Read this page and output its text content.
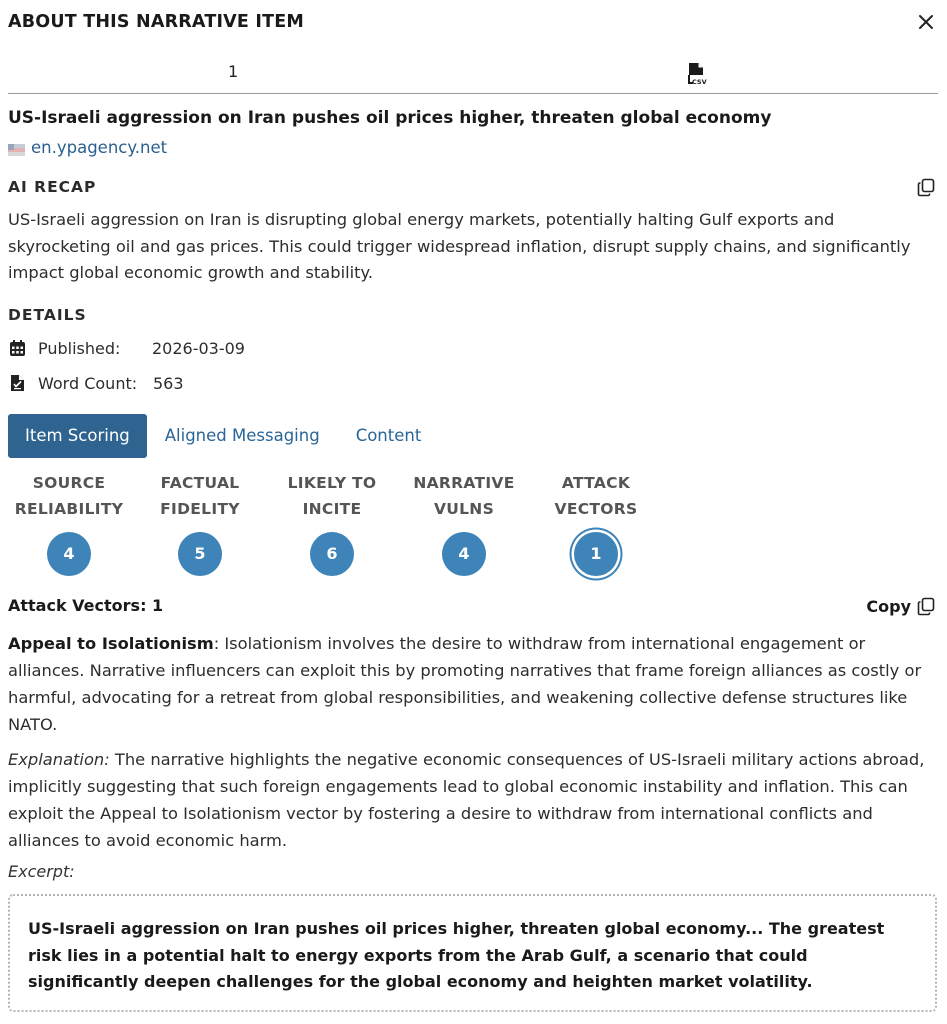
ABOUT THIS NARRATIVE ITEM
1
CSV
US-Israeli aggression on Iran pushes oil prices higher, threaten global economy
en.ypagency.net
AI RECAP
US-Israeli aggression on Iran is disrupting global energy markets, potentially halting Gulf exports and skyrocketing oil and gas prices. This could trigger widespread inflation, disrupt supply chains, and significantly impact global economic growth and stability.
DETAILS
Published:	2026-03-09
Word Count: 563
Item Scoring	Aligned Messaging	Content
SOURCE
RELIABILITY
4
FACTUAL
FIDELITY
5
LIKELY TO
INCITE
6
NARRATIVE
VULNS
4
ATTACK
VECTORS
1
Attack Vectors: 1	Copy
Appeal to Isolationism: Isolationism involves the desire to withdraw from international engagement or alliances. Narrative influencers can exploit this by promoting narratives that frame foreign alliances as costly or harmful, advocating for a retreat from global responsibilities, and weakening collective defense structures like NATO.
Explanation: The narrative highlights the negative economic consequences of US-Israeli military actions abroad, implicitly suggesting that such foreign engagements lead to global economic instability and inflation. This can exploit the Appeal to Isolationism vector by fostering a desire to withdraw from international conflicts and alliances to avoid economic harm.
Excerpt:
US-Israeli aggression on Iran pushes oil prices higher, threaten global economy... The greatest risk lies in a potential halt to energy exports from the Arab Gulf, a scenario that could significantly deepen challenges for the global economy and heighten market volatility.
